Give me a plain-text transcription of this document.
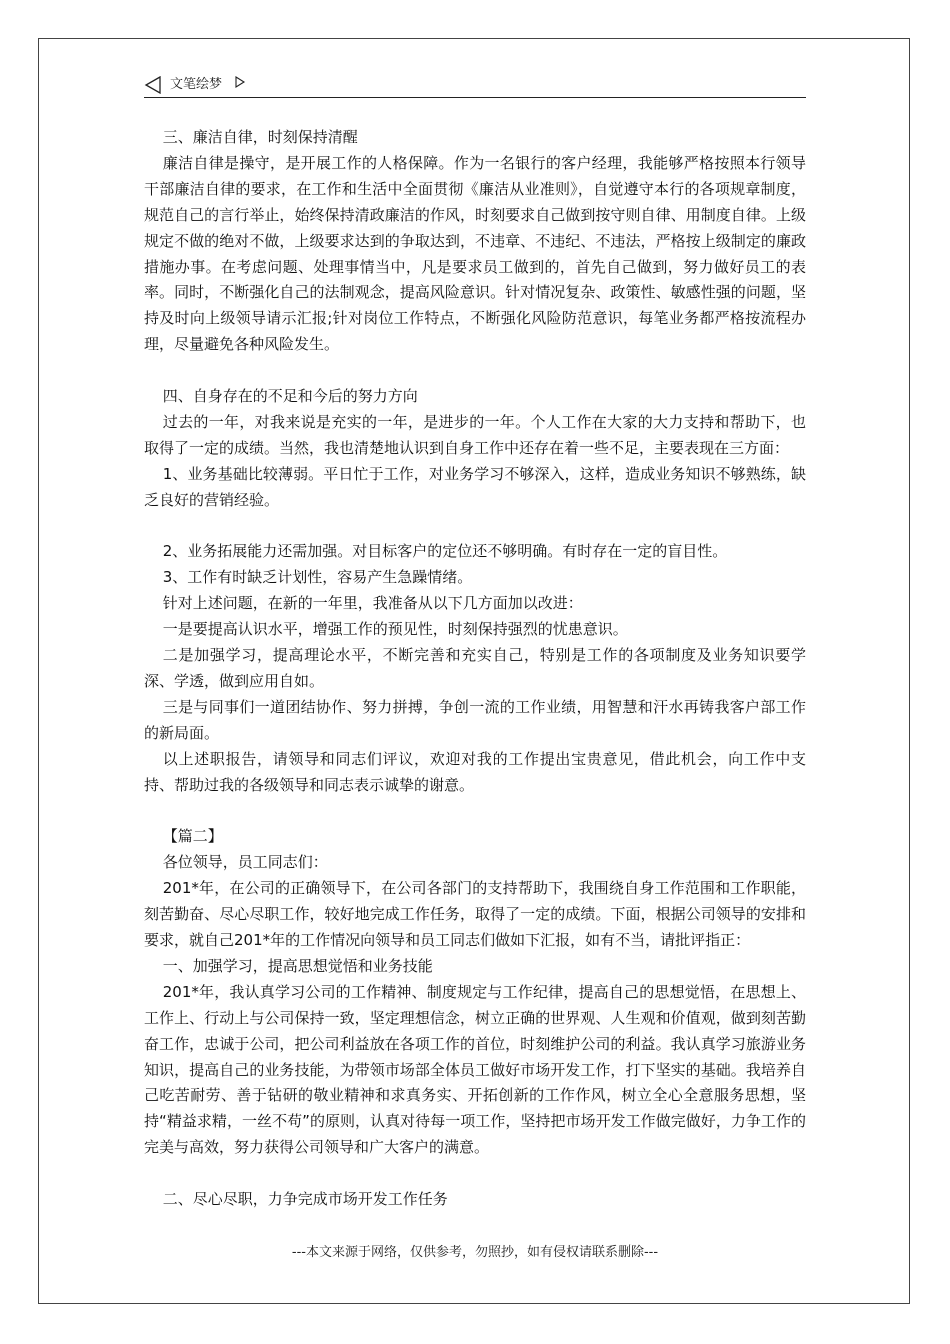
文笔绘梦

三、廉洁自律，时刻保持清醒

廉洁自律是操守，是开展工作的人格保障。作为一名银行的客户经理，我能够严格按照本行领导干部廉洁自律的要求，在工作和生活中全面贯彻《廉洁从业准则》，自觉遵守本行的各项规章制度，规范自己的言行举止，始终保持清政廉洁的作风，时刻要求自己做到按守则自律、用制度自律。上级规定不做的绝对不做，上级要求达到的争取达到，不违章、不违纪、不违法，严格按上级制定的廉政措施办事。在考虑问题、处理事情当中，凡是要求员工做到的，首先自己做到，努力做好员工的表率。同时，不断强化自己的法制观念，提高风险意识。针对情况复杂、政策性、敏感性强的问题，坚持及时向上级领导请示汇报;针对岗位工作特点，不断强化风险防范意识，每笔业务都严格按流程办理，尽量避免各种风险发生。

四、自身存在的不足和今后的努力方向

过去的一年，对我来说是充实的一年，是进步的一年。个人工作在大家的大力支持和帮助下，也取得了一定的成绩。当然，我也清楚地认识到自身工作中还存在着一些不足，主要表现在三方面：

1、业务基础比较薄弱。平日忙于工作，对业务学习不够深入，这样，造成业务知识不够熟练，缺乏良好的营销经验。

2、业务拓展能力还需加强。对目标客户的定位还不够明确。有时存在一定的盲目性。

3、工作有时缺乏计划性，容易产生急躁情绪。

针对上述问题，在新的一年里，我准备从以下几方面加以改进：

一是要提高认识水平，增强工作的预见性，时刻保持强烈的忧患意识。

二是加强学习，提高理论水平，不断完善和充实自己，特别是工作的各项制度及业务知识要学深、学透，做到应用自如。

三是与同事们一道团结协作、努力拼搏，争创一流的工作业绩，用智慧和汗水再铸我客户部工作的新局面。

以上述职报告，请领导和同志们评议，欢迎对我的工作提出宝贵意见，借此机会，向工作中支持、帮助过我的各级领导和同志表示诚挚的谢意。

【篇二】

各位领导，员工同志们：

201*年，在公司的正确领导下，在公司各部门的支持帮助下，我围绕自身工作范围和工作职能，刻苦勤奋、尽心尽职工作，较好地完成工作任务，取得了一定的成绩。下面，根据公司领导的安排和要求，就自己201*年的工作情况向领导和员工同志们做如下汇报，如有不当，请批评指正：

一、加强学习，提高思想觉悟和业务技能

201*年，我认真学习公司的工作精神、制度规定与工作纪律，提高自己的思想觉悟，在思想上、工作上、行动上与公司保持一致，坚定理想信念，树立正确的世界观、人生观和价值观，做到刻苦勤奋工作，忠诚于公司，把公司利益放在各项工作的首位，时刻维护公司的利益。我认真学习旅游业务知识，提高自己的业务技能，为带领市场部全体员工做好市场开发工作，打下坚实的基础。我培养自己吃苦耐劳、善于钻研的敬业精神和求真务实、开拓创新的工作作风，树立全心全意服务思想，坚持“精益求精，一丝不苟”的原则，认真对待每一项工作，坚持把市场开发工作做完做好，力争工作的完美与高效，努力获得公司领导和广大客户的满意。

二、尽心尽职，力争完成市场开发工作任务

---本文来源于网络，仅供参考，勿照抄，如有侵权请联系删除---
